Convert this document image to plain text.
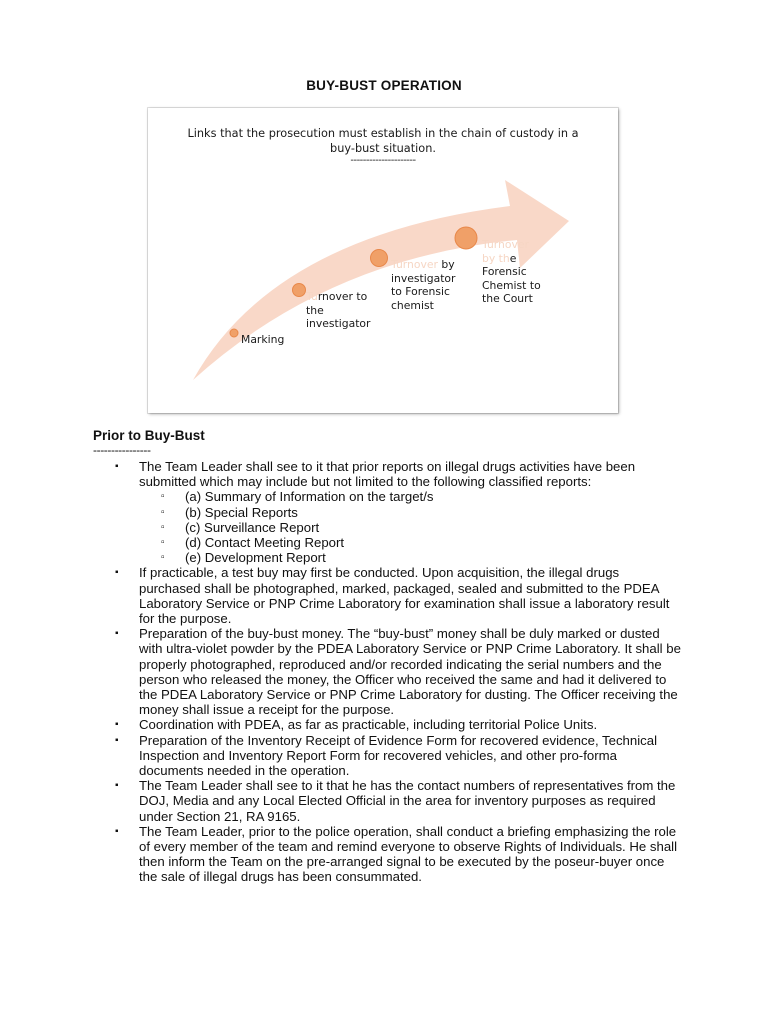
BUY-BUST OPERATION
Links that the prosecution must establish in the chain of custody in a
buy-bust situation.
---------------------
Marking
Turnover to
the
investigator
Turnover by
investigator
to Forensic
chemist
Turnover
by the
Forensic
Chemist to
the Court
Prior to Buy-Bust
----------------
▪ The Team Leader shall see to it that prior reports on illegal drugs activities have been submitted which may include but not limited to the following classified reports:
▫ (a) Summary of Information on the target/s
▫ (b) Special Reports
▫ (c) Surveillance Report
▫ (d) Contact Meeting Report
▫ (e) Development Report
▪ If practicable, a test buy may first be conducted. Upon acquisition, the illegal drugs purchased shall be photographed, marked, packaged, sealed and submitted to the PDEA Laboratory Service or PNP Crime Laboratory for examination shall issue a laboratory result for the purpose.
▪ Preparation of the buy-bust money. The “buy-bust” money shall be duly marked or dusted with ultra-violet powder by the PDEA Laboratory Service or PNP Crime Laboratory. It shall be properly photographed, reproduced and/or recorded indicating the serial numbers and the person who released the money, the Officer who received the same and had it delivered to the PDEA Laboratory Service or PNP Crime Laboratory for dusting. The Officer receiving the money shall issue a receipt for the purpose.
▪ Coordination with PDEA, as far as practicable, including territorial Police Units.
▪ Preparation of the Inventory Receipt of Evidence Form for recovered evidence, Technical Inspection and Inventory Report Form for recovered vehicles, and other pro-forma documents needed in the operation.
▪ The Team Leader shall see to it that he has the contact numbers of representatives from the DOJ, Media and any Local Elected Official in the area for inventory purposes as required under Section 21, RA 9165.
▪ The Team Leader, prior to the police operation, shall conduct a briefing emphasizing the role of every member of the team and remind everyone to observe Rights of Individuals. He shall then inform the Team on the pre-arranged signal to be executed by the poseur-buyer once the sale of illegal drugs has been consummated.
